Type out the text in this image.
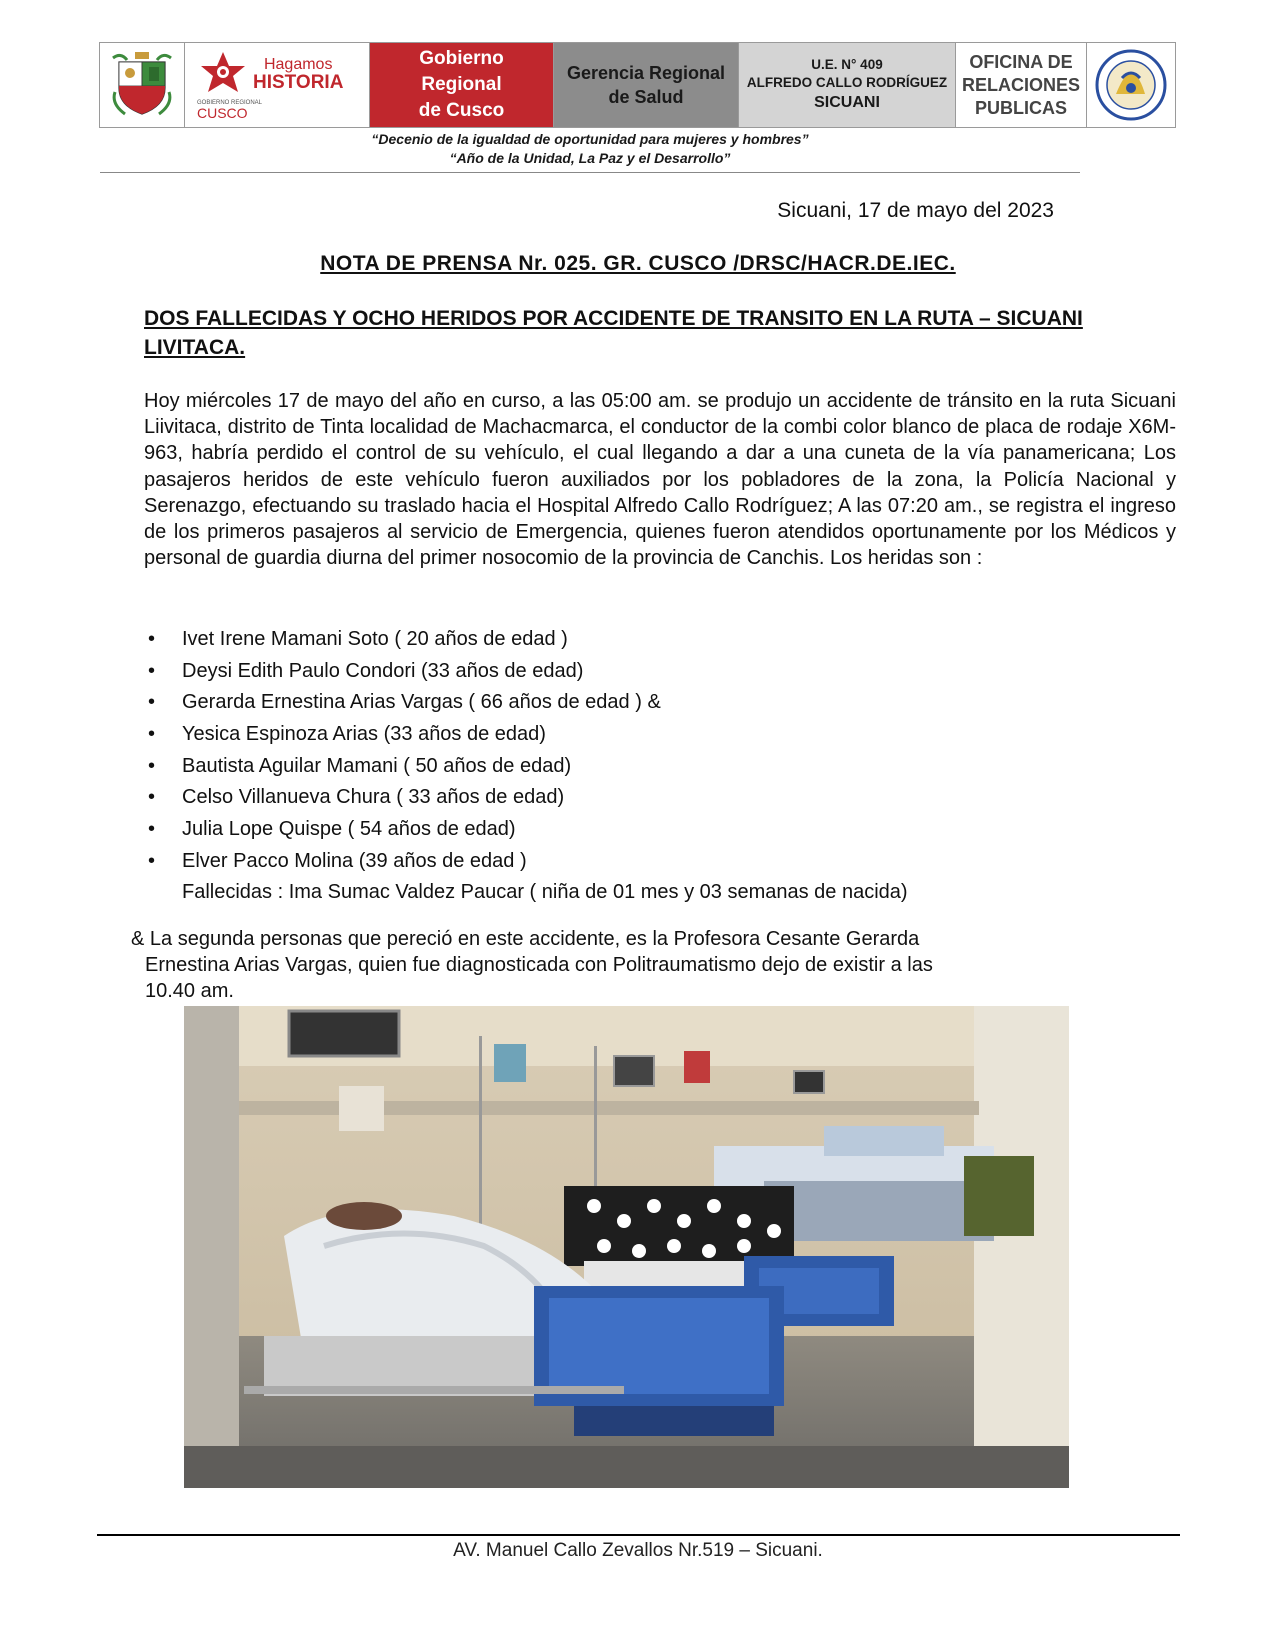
Hagamos
HISTORIA
GOBIERNO REGIONAL
CUSCO
Gobierno
Regional
de Cusco
Gerencia Regional
de Salud
U.E. N° 409
ALFREDO CALLO RODRÍGUEZ
SICUANI
OFICINA DE
RELACIONES
PUBLICAS
“Decenio de la igualdad de oportunidad para mujeres y hombres”
“Año de la Unidad, La Paz y el Desarrollo”
Sicuani, 17 de mayo del 2023
NOTA DE PRENSA Nr. 025. GR. CUSCO /DRSC/HACR.DE.IEC.
DOS FALLECIDAS Y OCHO HERIDOS POR ACCIDENTE DE TRANSITO EN LA RUTA – SICUANI LIVITACA.

Hoy miércoles 17 de mayo del año en curso, a las 05:00 am. se produjo un accidente de tránsito en la ruta Sicuani Liivitaca, distrito de Tinta localidad de Machacmarca, el conductor de la combi color blanco de placa de rodaje X6M-963, habría perdido el control de su vehículo, el cual llegando a dar a una cuneta de la vía panamericana; Los pasajeros heridos de este vehículo fueron auxiliados por los pobladores de la zona, la Policía Nacional y Serenazgo, efectuando su traslado hacia el Hospital Alfredo Callo Rodríguez; A las 07:20 am., se registra el ingreso de los primeros pasajeros al servicio de Emergencia, quienes fueron atendidos oportunamente por los Médicos y personal de guardia diurna del primer nosocomio de la provincia de Canchis. Los heridas son :

• Ivet Irene Mamani Soto ( 20 años de edad )
• Deysi Edith Paulo Condori (33 años de edad)
• Gerarda Ernestina Arias Vargas ( 66 años de edad ) &
• Yesica Espinoza Arias (33 años de edad)
• Bautista Aguilar Mamani ( 50 años de edad)
• Celso Villanueva Chura ( 33 años de edad)
• Julia Lope Quispe ( 54 años de edad)
• Elver Pacco Molina (39 años de edad )
Fallecidas : Ima Sumac Valdez Paucar ( niña de 01 mes y 03 semanas de nacida)
& La segunda personas que pereció en este accidente, es la Profesora Cesante Gerarda
Ernestina Arias Vargas, quien fue diagnosticada con Politraumatismo dejo de existir a las
10.40 am.
AV. Manuel Callo Zevallos Nr.519 – Sicuani.
